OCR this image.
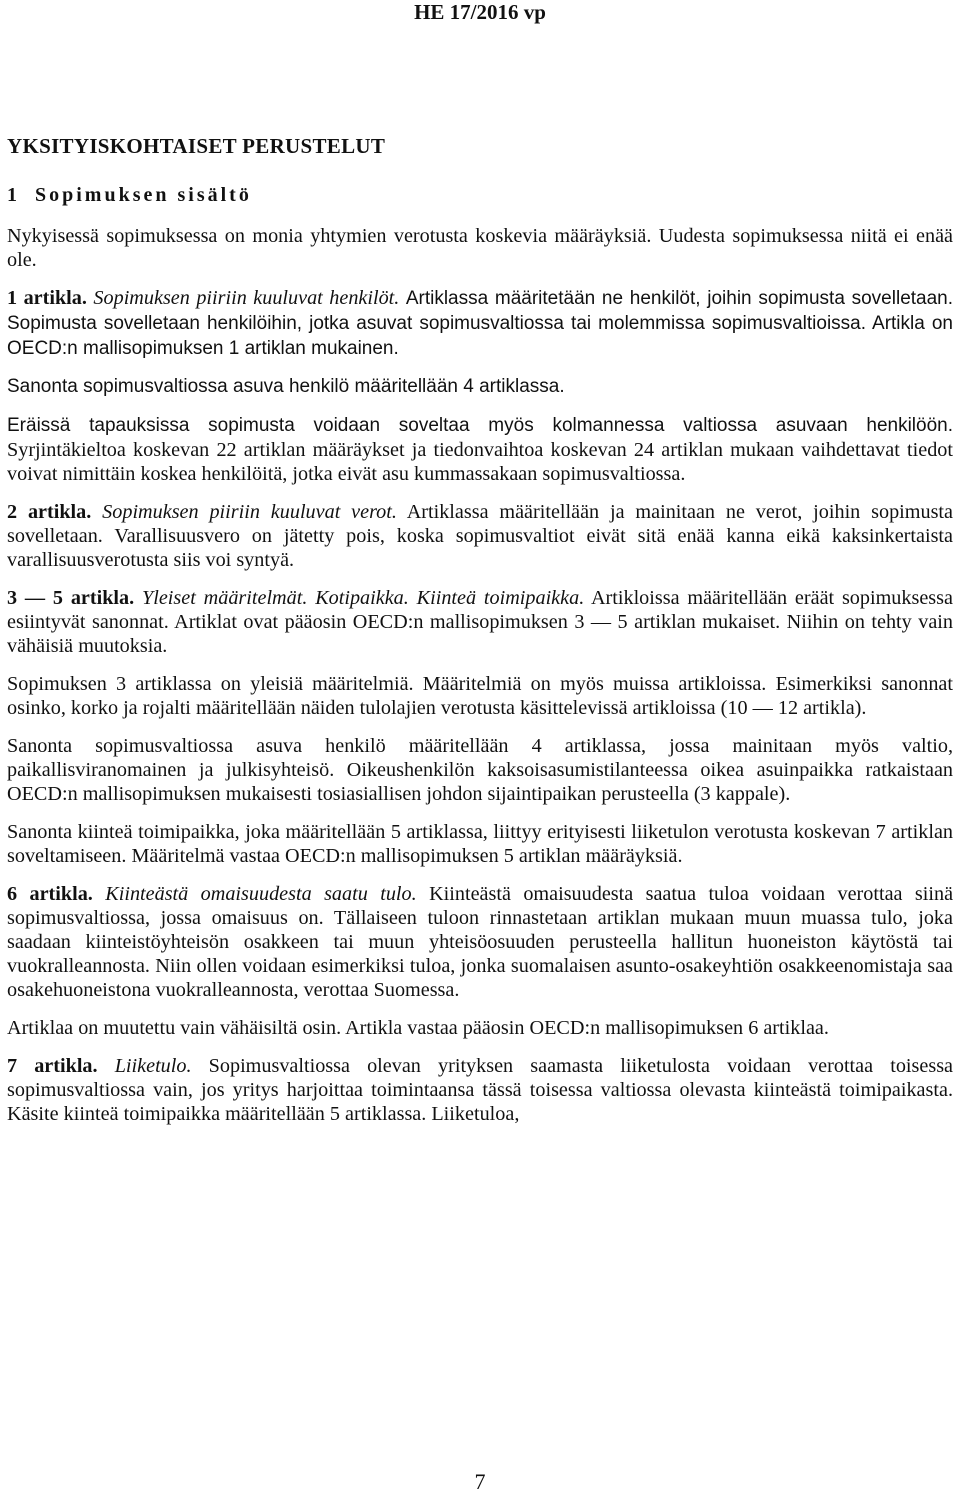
HE 17/2016 vp
YKSITYISKOHTAISET PERUSTELUT
1 Sopimuksen sisältö

Nykyisessä sopimuksessa on monia yhtymien verotusta koskevia määräyksiä. Uudesta sopimuksessa niitä ei enää ole.

1 artikla. Sopimuksen piiriin kuuluvat henkilöt. Artiklassa määritetään ne henkilöt, joihin sopimusta sovelletaan. Sopimusta sovelletaan henkilöihin, jotka asuvat sopimusvaltiossa tai molemmissa sopimusvaltioissa. Artikla on OECD:n mallisopimuksen 1 artiklan mukainen.

Sanonta sopimusvaltiossa asuva henkilö määritellään 4 artiklassa.

Eräissä tapauksissa sopimusta voidaan soveltaa myös kolmannessa valtiossa asuvaan henkilöön. Syrjintäkieltoa koskevan 22 artiklan määräykset ja tiedonvaihtoa koskevan 24 artiklan mukaan vaihdettavat tiedot voivat nimittäin koskea henkilöitä, jotka eivät asu kummassakaan sopimusvaltiossa.

2 artikla. Sopimuksen piiriin kuuluvat verot. Artiklassa määritellään ja mainitaan ne verot, joihin sopimusta sovelletaan. Varallisuusvero on jätetty pois, koska sopimusvaltiot eivät sitä enää kanna eikä kaksinkertaista varallisuusverotusta siis voi syntyä.

3 — 5 artikla. Yleiset määritelmät. Kotipaikka. Kiinteä toimipaikka. Artikloissa määritellään eräät sopimuksessa esiintyvät sanonnat. Artiklat ovat pääosin OECD:n mallisopimuksen 3 — 5 artiklan mukaiset. Niihin on tehty vain vähäisiä muutoksia.

Sopimuksen 3 artiklassa on yleisiä määritelmiä. Määritelmiä on myös muissa artikloissa. Esimerkiksi sanonnat osinko, korko ja rojalti määritellään näiden tulolajien verotusta käsittelevissä artikloissa (10 — 12 artikla).

Sanonta sopimusvaltiossa asuva henkilö määritellään 4 artiklassa, jossa mainitaan myös valtio, paikallisviranomainen ja julkisyhteisö. Oikeushenkilön kaksoisasumistilanteessa oikea asuinpaikka ratkaistaan OECD:n mallisopimuksen mukaisesti tosiasiallisen johdon sijaintipaikan perusteella (3 kappale).

Sanonta kiinteä toimipaikka, joka määritellään 5 artiklassa, liittyy erityisesti liiketulon verotusta koskevan 7 artiklan soveltamiseen. Määritelmä vastaa OECD:n mallisopimuksen 5 artiklan määräyksiä.

6 artikla. Kiinteästä omaisuudesta saatu tulo. Kiinteästä omaisuudesta saatua tuloa voidaan verottaa siinä sopimusvaltiossa, jossa omaisuus on. Tällaiseen tuloon rinnastetaan artiklan mukaan muun muassa tulo, joka saadaan kiinteistöyhteisön osakkeen tai muun yhteisöosuuden perusteella hallitun huoneiston käytöstä tai vuokralleannosta. Niin ollen voidaan esimerkiksi tuloa, jonka suomalaisen asunto-osakeyhtiön osakkeenomistaja saa osakehuoneistona vuokralleannosta, verottaa Suomessa.

Artiklaa on muutettu vain vähäisiltä osin. Artikla vastaa pääosin OECD:n mallisopimuksen 6 artiklaa.

7 artikla. Liiketulo. Sopimusvaltiossa olevan yrityksen saamasta liiketulosta voidaan verottaa toisessa sopimusvaltiossa vain, jos yritys harjoittaa toimintaansa tässä toisessa valtiossa olevasta kiinteästä toimipaikasta. Käsite kiinteä toimipaikka määritellään 5 artiklassa. Liiketuloa,

7
